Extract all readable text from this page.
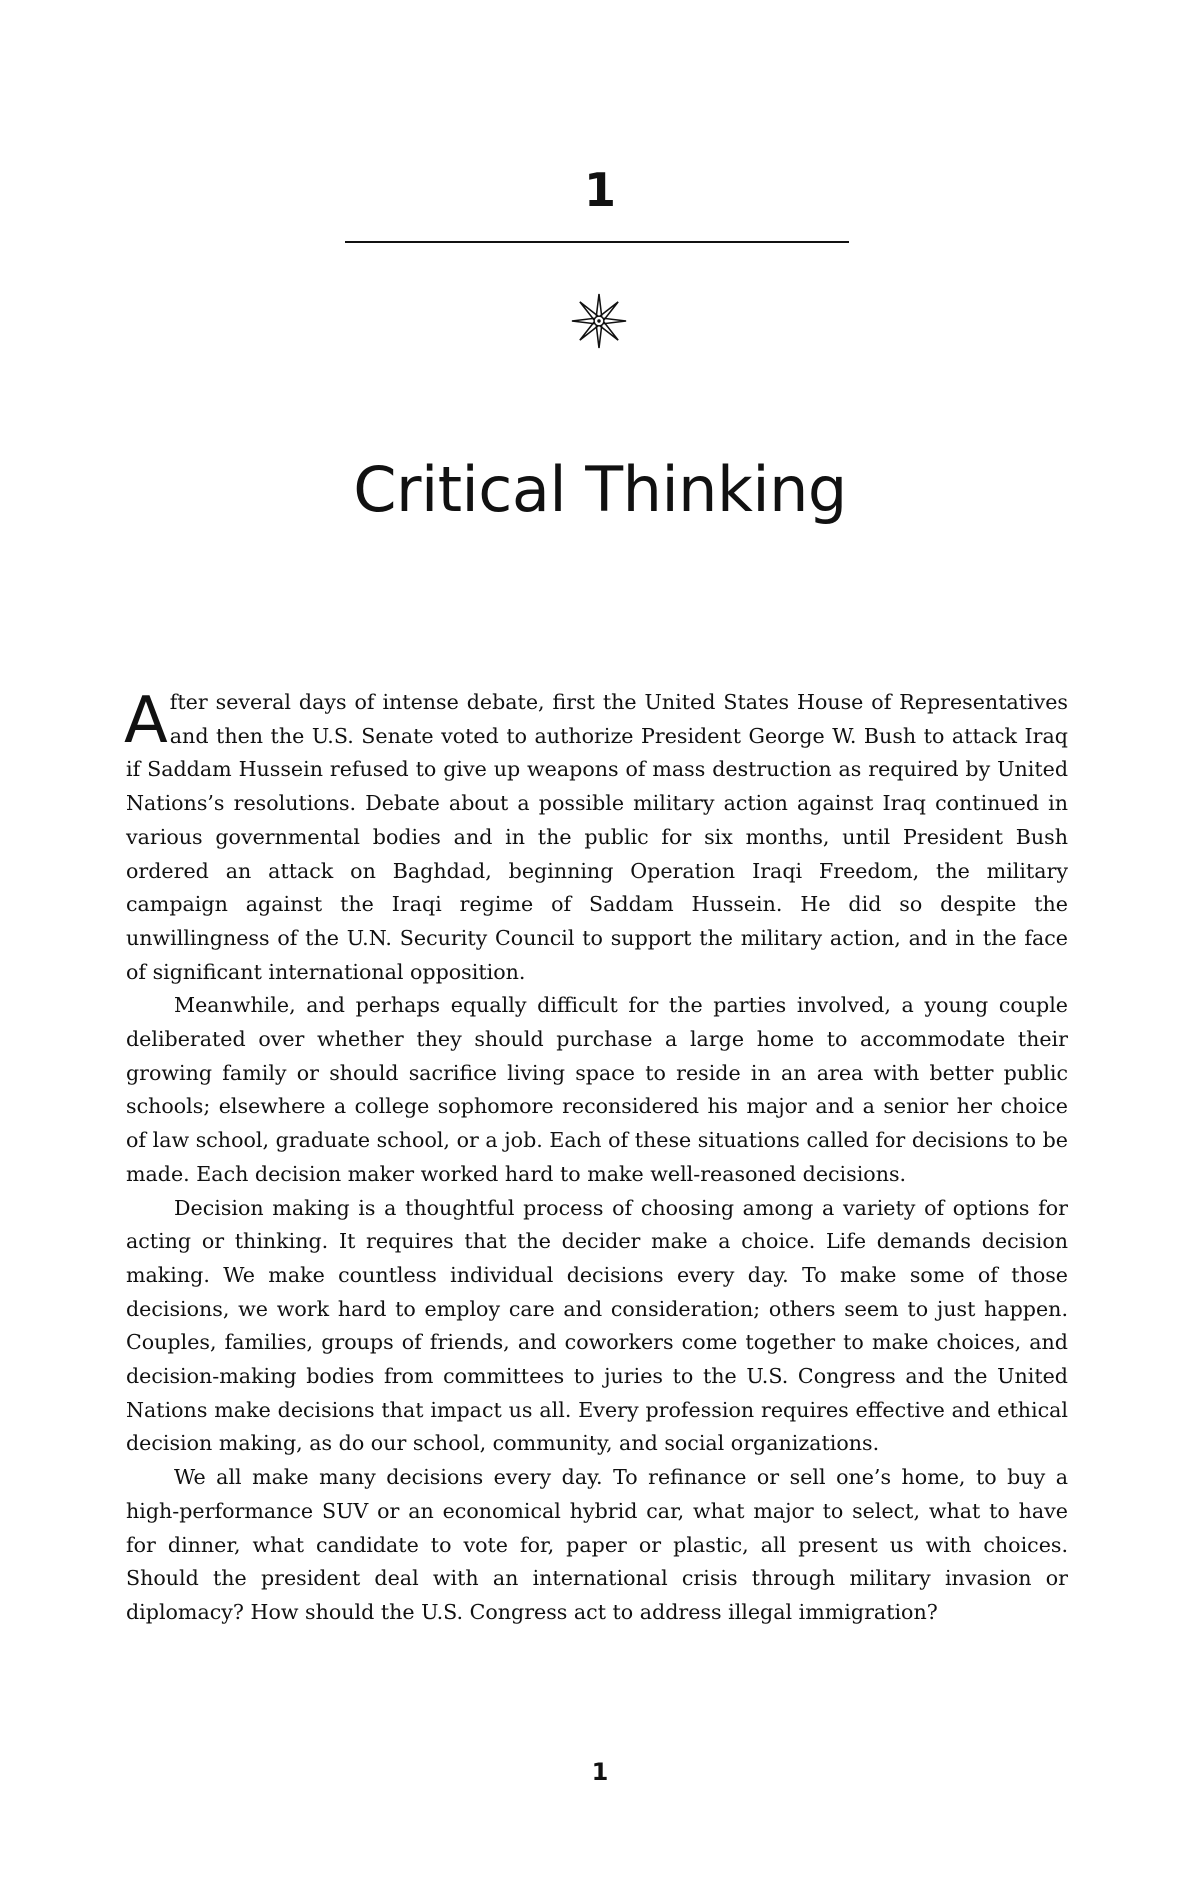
1
Critical Thinking

After several days of intense debate, first the United States House of Representatives and then the U.S. Senate voted to authorize President George W. Bush to attack Iraq if Saddam Hussein refused to give up weapons of mass destruction as required by United Nations’s resolutions. Debate about a possible military action against Iraq continued in various governmental bodies and in the public for six months, until President Bush ordered an attack on Baghdad, beginning Operation Iraqi Freedom, the military campaign against the Iraqi regime of Saddam Hussein. He did so despite the unwillingness of the U.N. Security Council to support the military action, and in the face of significant international opposition.

Meanwhile, and perhaps equally difficult for the parties involved, a young couple deliberated over whether they should purchase a large home to accommodate their growing family or should sacrifice living space to reside in an area with better public schools; elsewhere a college sophomore reconsidered his major and a senior her choice of law school, graduate school, or a job. Each of these situations called for decisions to be made. Each decision maker worked hard to make well-reasoned decisions.

Decision making is a thoughtful process of choosing among a variety of options for acting or thinking. It requires that the decider make a choice. Life demands decision making. We make countless individual decisions every day. To make some of those decisions, we work hard to employ care and consideration; others seem to just happen. Couples, families, groups of friends, and coworkers come together to make choices, and decision-making bodies from committees to juries to the U.S. Congress and the United Nations make decisions that impact us all. Every profession requires effective and ethical decision making, as do our school, community, and social organizations.

We all make many decisions every day. To refinance or sell one’s home, to buy a high-performance SUV or an economical hybrid car, what major to select, what to have for dinner, what candidate to vote for, paper or plastic, all present us with choices. Should the president deal with an international crisis through military invasion or diplomacy? How should the U.S. Congress act to address illegal immigration?

1
